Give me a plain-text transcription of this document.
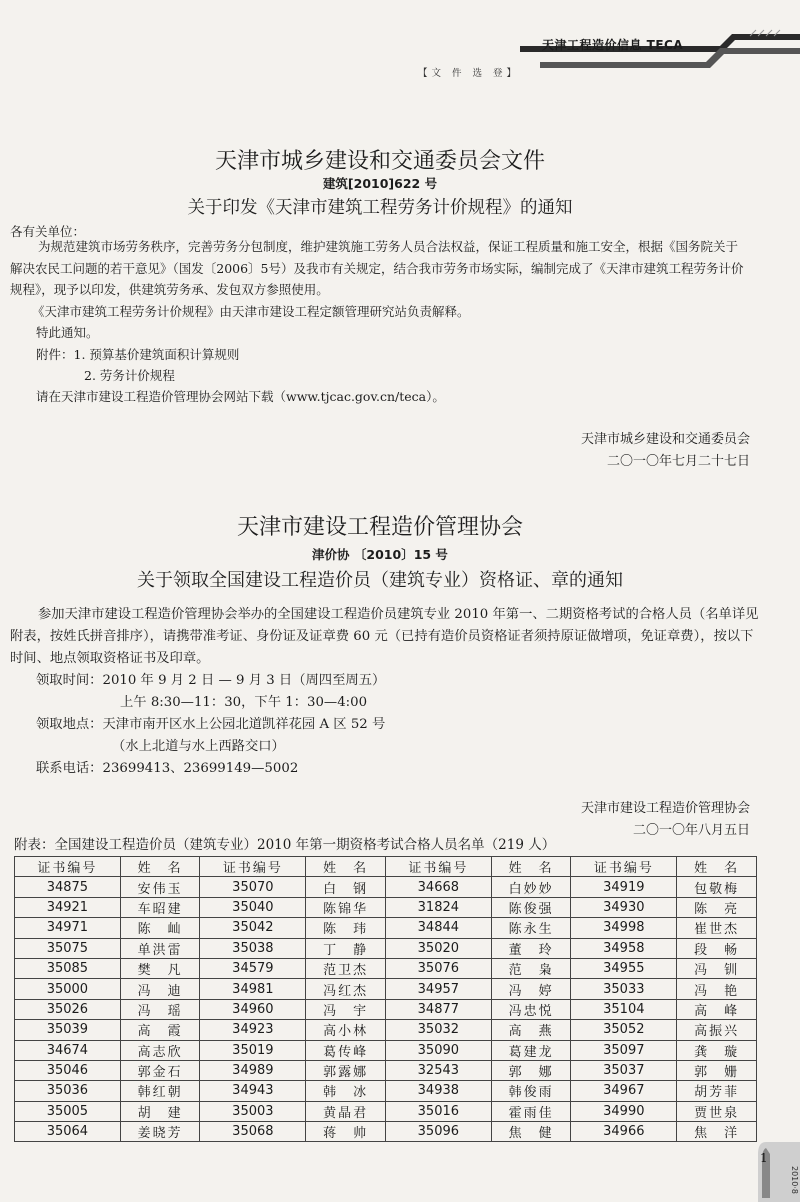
天津工程造价信息 TECA
【文 件 选 登】
天津市城乡建设和交通委员会文件
建筑[2010]622 号
关于印发《天津市建筑工程劳务计价规程》的通知
各有关单位：
为规范建筑市场劳务秩序，完善劳务分包制度，维护建筑施工劳务人员合法权益，保证工程质量和施工安全，根据《国务院关于解决农民工问题的若干意见》（国发〔2006〕5号）及我市有关规定，结合我市劳务市场实际，编制完成了《天津市建筑工程劳务计价规程》，现予以印发，供建筑劳务承、发包双方参照使用。
《天津市建筑工程劳务计价规程》由天津市建设工程定额管理研究站负责解释。
特此通知。
附件：1. 预算基价建筑面积计算规则
2. 劳务计价规程
请在天津市建设工程造价管理协会网站下载（www.tjcac.gov.cn/teca）。
天津市城乡建设和交通委员会
二〇一〇年七月二十七日
天津市建设工程造价管理协会
津价协 〔2010〕15 号
关于领取全国建设工程造价员（建筑专业）资格证、章的通知
参加天津市建设工程造价管理协会举办的全国建设工程造价员建筑专业 2010 年第一、二期资格考试的合格人员（名单详见附表，按姓氏拼音排序），请携带准考证、身份证及证章费 60 元（已持有造价员资格证者须持原证做增项，免证章费），按以下时间、地点领取资格证书及印章。
领取时间：2010 年 9 月 2 日 — 9 月 3 日（周四至周五）
上午 8:30—11：30，下午 1：30—4:00
领取地点：天津市南开区水上公园北道凯祥花园 A 区 52 号
（水上北道与水上西路交口）
联系电话：23699413、23699149—5002
天津市建设工程造价管理协会
二〇一〇年八月五日
附表：全国建设工程造价员（建筑专业）2010 年第一期资格考试合格人员名单（219 人）
证书编号	姓　名	证书编号	姓　名	证书编号	姓　名	证书编号	姓　名
34875	安伟玉	35070	白　钢	34668	白妙妙	34919	包敬梅
34921	车昭建	35040	陈锦华	31824	陈俊强	34930	陈　亮
34971	陈　屾	35042	陈　玮	34844	陈永生	34998	崔世杰
35075	单洪雷	35038	丁　静	35020	董　玲	34958	段　畅
35085	樊　凡	34579	范卫杰	35076	范　枭	34955	冯　钏
35000	冯　迪	34981	冯红杰	34957	冯　婷	35033	冯　艳
35026	冯　瑶	34960	冯　宇	34877	冯忠悦	35104	高　峰
35039	高　霞	34923	高小林	35032	高　燕	35052	高振兴
34674	高志欣	35019	葛传峰	35090	葛建龙	35097	龚　璇
35046	郭金石	34989	郭露娜	32543	郭　娜	35037	郭　姗
35036	韩红朝	34943	韩　冰	34938	韩俊雨	34967	胡芳菲
35005	胡　建	35003	黄晶君	35016	霍雨佳	34990	贾世泉
35064	姜晓芳	35068	蒋　帅	35096	焦　健	34966	焦　洋
1
2010·8
